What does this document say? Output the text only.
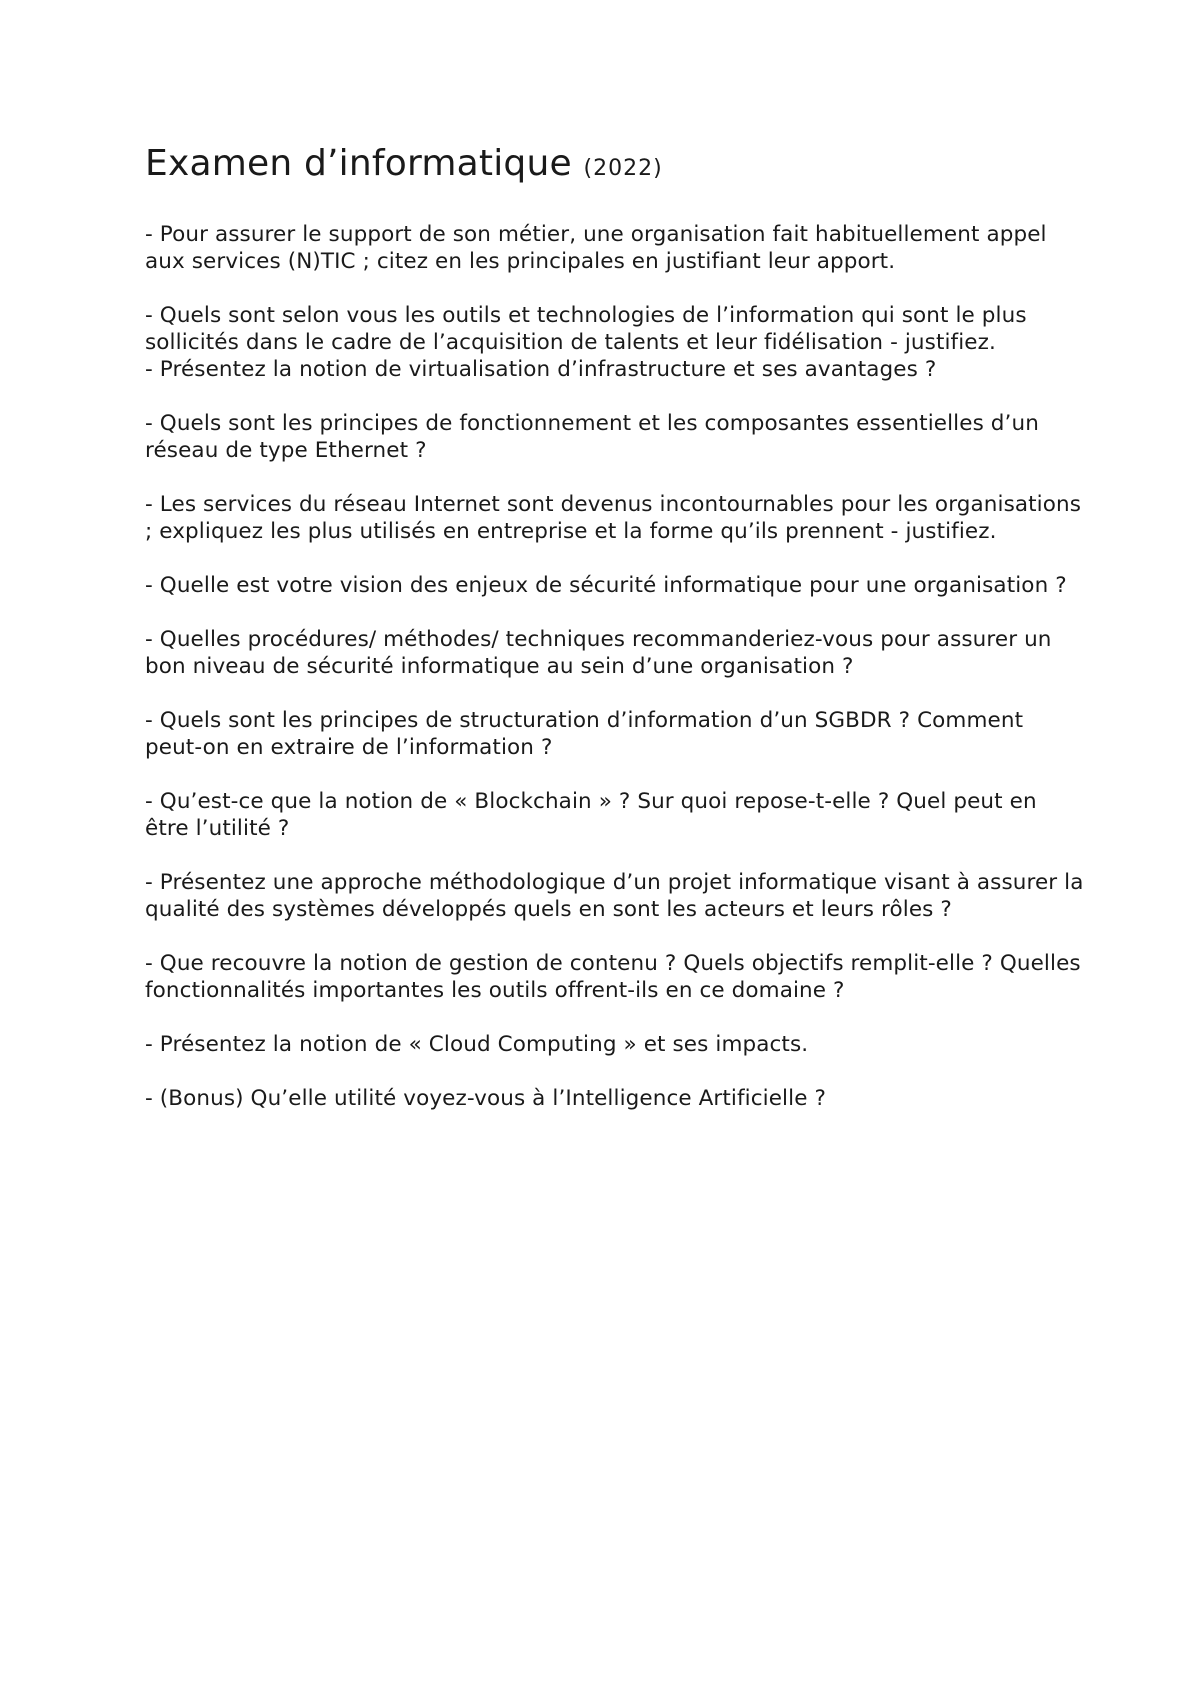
Examen d’informatique (2022)
- Pour assurer le support de son métier, une organisation fait habituellement appel aux services (N)TIC ; citez en les principales en justifiant leur apport.
- Quels sont selon vous les outils et technologies de l’information qui sont le plus sollicités dans le cadre de l’acquisition de talents et leur fidélisation - justifiez.
- Présentez la notion de virtualisation d’infrastructure et ses avantages ?
- Quels sont les principes de fonctionnement et les composantes essentielles d’un réseau de type Ethernet ?
- Les services du réseau Internet sont devenus incontournables pour les organisations ; expliquez les plus utilisés en entreprise et la forme qu’ils prennent - justifiez.
- Quelle est votre vision des enjeux de sécurité informatique pour une organisation ?
- Quelles procédures/ méthodes/ techniques recommanderiez-vous pour assurer un bon niveau de sécurité informatique au sein d’une organisation ?
- Quels sont les principes de structuration d’information d’un SGBDR ? Comment peut-on en extraire de l’information ?
- Qu’est-ce que la notion de « Blockchain » ? Sur quoi repose-t-elle ? Quel peut en être l’utilité ?
- Présentez une approche méthodologique d’un projet informatique visant à assurer la qualité des systèmes développés quels en sont les acteurs et leurs rôles ?
- Que recouvre la notion de gestion de contenu ? Quels objectifs remplit-elle ? Quelles fonctionnalités importantes les outils offrent-ils en ce domaine ?
- Présentez la notion de « Cloud Computing » et ses impacts.
- (Bonus) Qu’elle utilité voyez-vous à l’Intelligence Artificielle ?
